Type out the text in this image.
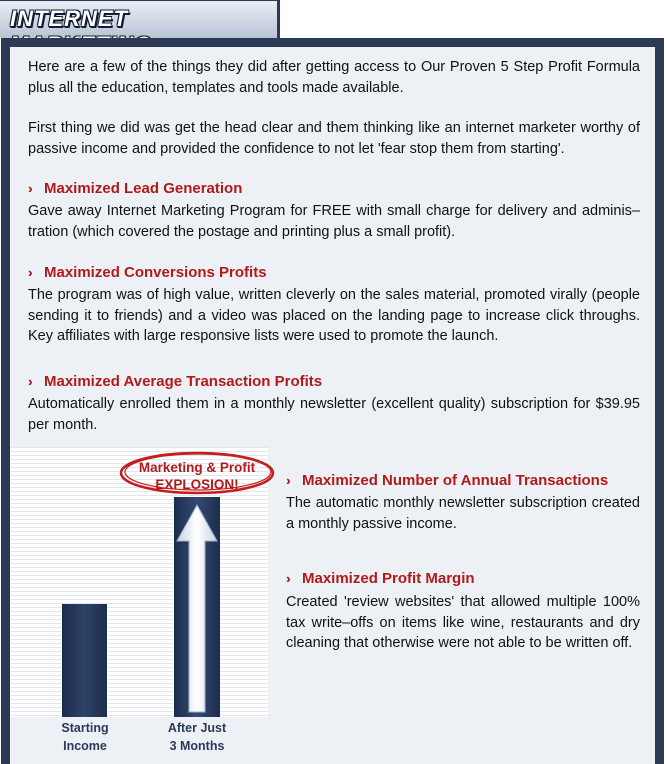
INTERNET

Here are a few of the things they did after getting access to Our Proven 5 Step Profit Formula plus all the education, templates and tools made available.

First thing we did was get the head clear and them thinking like an internet marketer worthy of passive income and provided the confidence to not let 'fear stop them from starting'.

›› Maximized Lead Generation

Gave away Internet Marketing Program for FREE with small charge for delivery and adminis–tration (which covered the postage and printing plus a small profit).

›› Maximized Conversions Profits

The program was of high value, written cleverly on the sales material, promoted virally (people sending it to friends) and a video was placed on the landing page to increase click throughs. Key affiliates with large responsive lists were used to promote the launch.

›› Maximized Average Transaction Profits

Automatically enrolled them in a monthly newsletter (excellent quality) subscription for $39.95 per month.

Marketing & Profit
EXPLOSION!
Starting
Income
After Just
3 Months
›› Maximized Number of Annual Transactions

The automatic monthly newsletter subscription created a monthly passive income.

›› Maximized Profit Margin

Created 'review websites' that allowed multiple 100% tax write–offs on items like wine, restaurants and dry cleaning that otherwise were not able to be written off.
